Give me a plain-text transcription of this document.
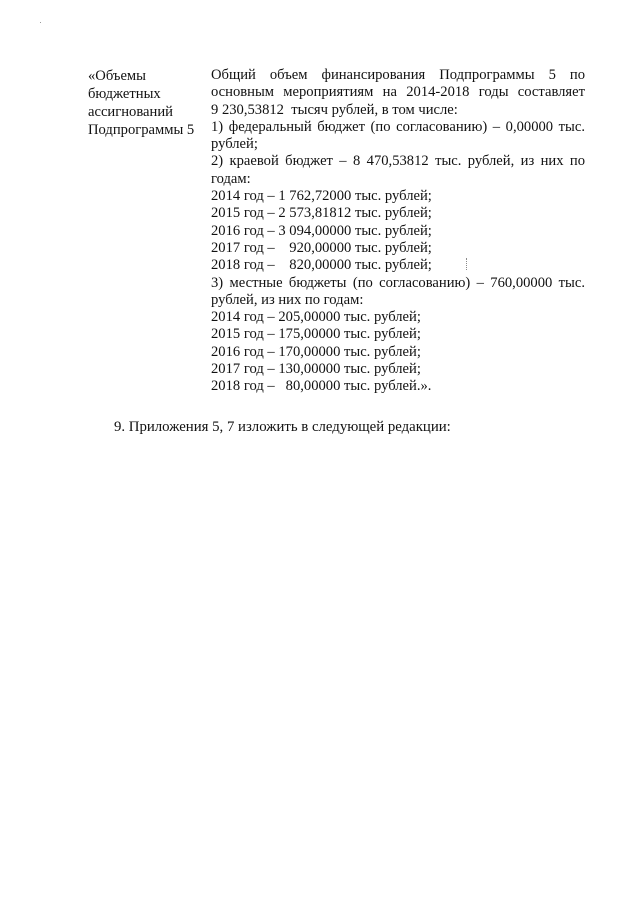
«Объемы
бюджетных
ассигнований
Подпрограммы 5
Общий объем финансирования Подпрограммы 5 по
основным мероприятиям на 2014-2018 годы составляет
9 230,53812  тысяч рублей, в том числе:
1) федеральный бюджет (по согласованию) – 0,00000 тыс.
рублей;
2) краевой бюджет – 8 470,53812 тыс. рублей, из них по
годам:
2014 год – 1 762,72000 тыс. рублей;
2015 год – 2 573,81812 тыс. рублей;
2016 год – 3 094,00000 тыс. рублей;
2017 год –    920,00000 тыс. рублей;
2018 год –    820,00000 тыс. рублей;
3) местные бюджеты (по согласованию) – 760,00000 тыс.
рублей, из них по годам:
2014 год – 205,00000 тыс. рублей;
2015 год – 175,00000 тыс. рублей;
2016 год – 170,00000 тыс. рублей;
2017 год – 130,00000 тыс. рублей;
2018 год –   80,00000 тыс. рублей.».
9. Приложения 5, 7 изложить в следующей редакции:
